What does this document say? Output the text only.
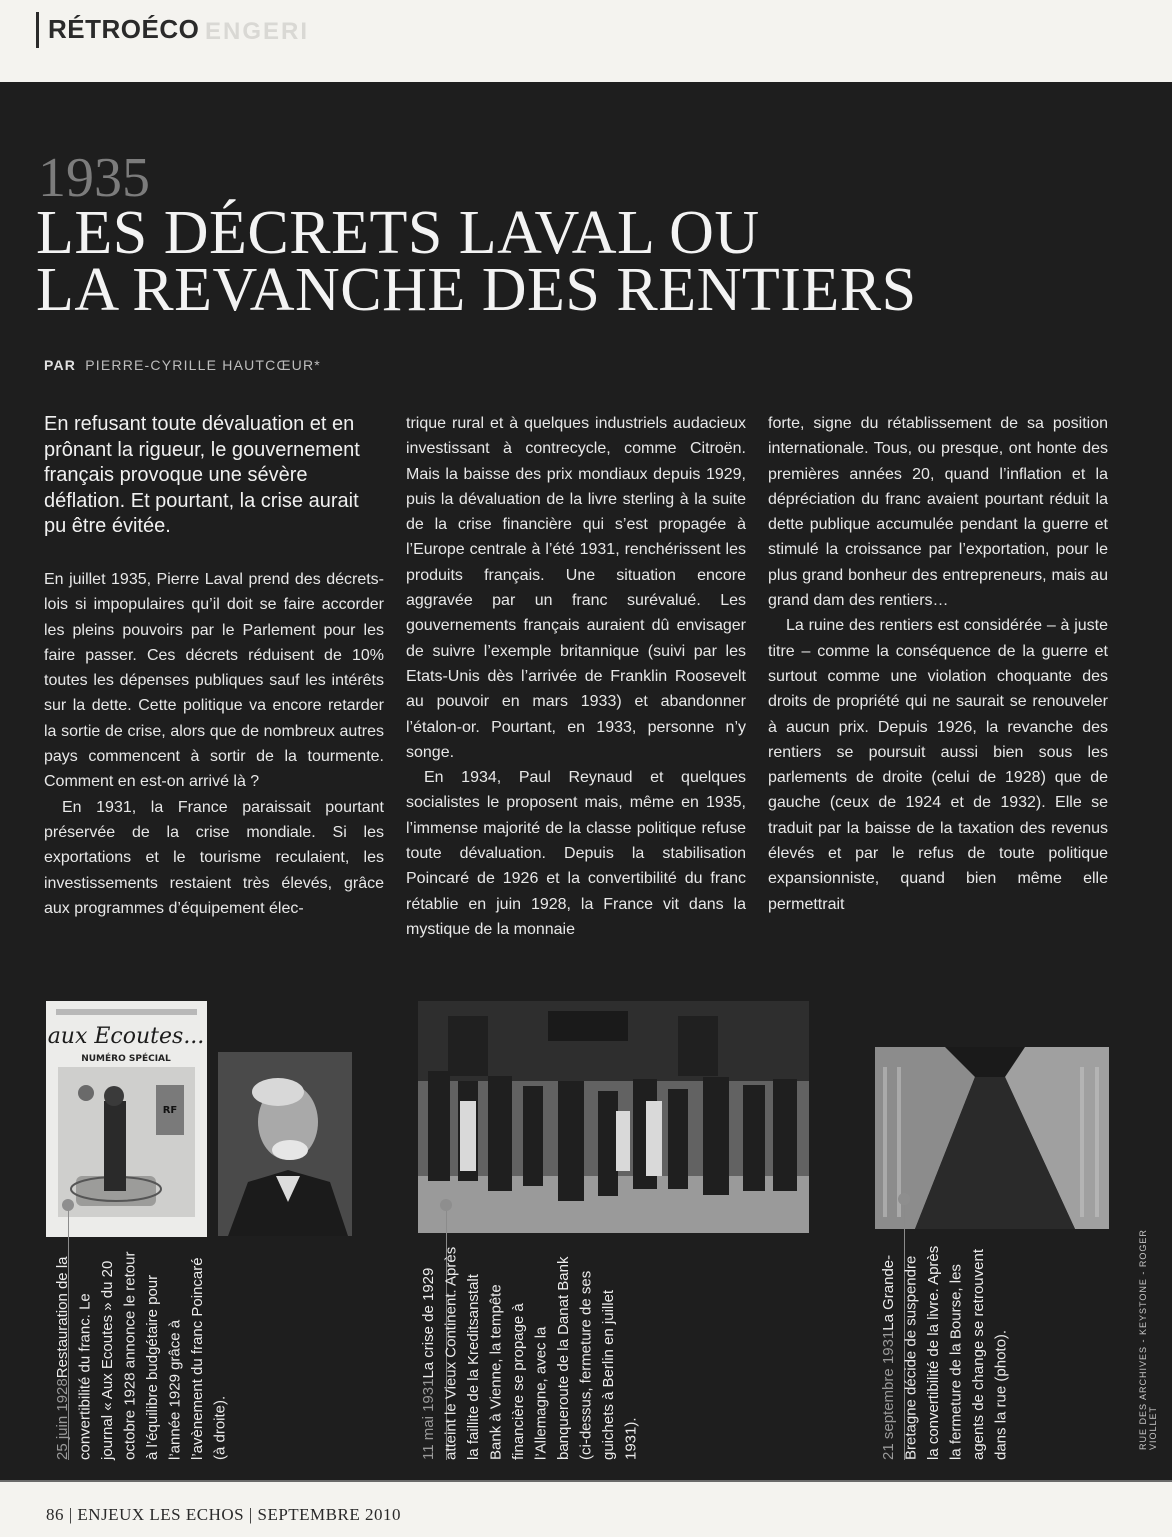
RÉTROÉCO ENGERI
1935
LES DÉCRETS LAVAL OU
LA REVANCHE DES RENTIERS
PAR PIERRE-CYRILLE HAUTCŒUR*

En refusant toute dévaluation et en prônant la rigueur, le gouvernement français provoque une sévère déflation. Et pourtant, la crise aurait pu être évitée.

En juillet 1935, Pierre Laval prend des décrets-lois si impopulaires qu’il doit se faire accorder les pleins pouvoirs par le Parlement pour les faire passer. Ces décrets réduisent de 10% toutes les dépenses publiques sauf les intérêts sur la dette. Cette politique va encore retarder la sortie de crise, alors que de nombreux autres pays commencent à sortir de la tourmente. Comment en est-on arrivé là ?

En 1931, la France paraissait pourtant préservée de la crise mondiale. Si les exportations et le tourisme reculaient, les investissements restaient très élevés, grâce aux programmes d’équipement élec-

trique rural et à quelques industriels audacieux investissant à contrecycle, comme Citroën. Mais la baisse des prix mondiaux depuis 1929, puis la dévaluation de la livre sterling à la suite de la crise financière qui s’est propagée à l’Europe centrale à l’été 1931, renchérissent les produits français. Une situation encore aggravée par un franc surévalué. Les gouvernements français auraient dû envisager de suivre l’exemple britannique (suivi par les Etats-Unis dès l’arrivée de Franklin Roosevelt au pouvoir en mars 1933) et abandonner l’étalon-or. Pourtant, en 1933, personne n’y songe.

En 1934, Paul Reynaud et quelques socialistes le proposent mais, même en 1935, l’immense majorité de la classe politique refuse toute dévaluation. Depuis la stabilisation Poincaré de 1926 et la convertibilité du franc rétablie en juin 1928, la France vit dans la mystique de la monnaie

forte, signe du rétablissement de sa position internationale. Tous, ou presque, ont honte des premières années 20, quand l’inflation et la dépréciation du franc avaient pourtant réduit la dette publique accumulée pendant la guerre et stimulé la croissance par l’exportation, pour le plus grand bonheur des entrepreneurs, mais au grand dam des rentiers…

La ruine des rentiers est considérée – à juste titre – comme la conséquence de la guerre et surtout comme une violation choquante des droits de propriété qui ne saurait se renouveler à aucun prix. Depuis 1926, la revanche des rentiers se poursuit aussi bien sous les parlements de droite (celui de 1928) que de gauche (ceux de 1924 et de 1932). Elle se traduit par la baisse de la taxation des revenus élevés et par le refus de toute politique expansionniste, quand bien même elle permettrait

aux Ecoutes...
NUMÉRO SPÉCIAL
RF
25 juin 1928Restauration de la convertibilité du franc. Le journal « Aux Ecoutes » du 20 octobre 1928 annonce le retour à l’équilibre budgétaire pour l’année 1929 grâce à l’avènement du franc Poincaré (à droite).	11 mai 1931La crise de 1929 atteint le Vieux Continent. Après la faillite de la Kreditsanstalt Bank à Vienne, la tempête financière se propage à l’Allemagne, avec la banqueroute de la Danat Bank (ci-dessus, fermeture de ses guichets à Berlin en juillet 1931).	21 septembre 1931La Grande-Bretagne décide de suspendre la convertibilité de la livre. Après la fermeture de la Bourse, les agents de change se retrouvent dans la rue (photo).	RUE DES ARCHIVES - KEYSTONE - ROGER VIOLLET
86 | ENJEUX LES ECHOS | SEPTEMBRE 2010
